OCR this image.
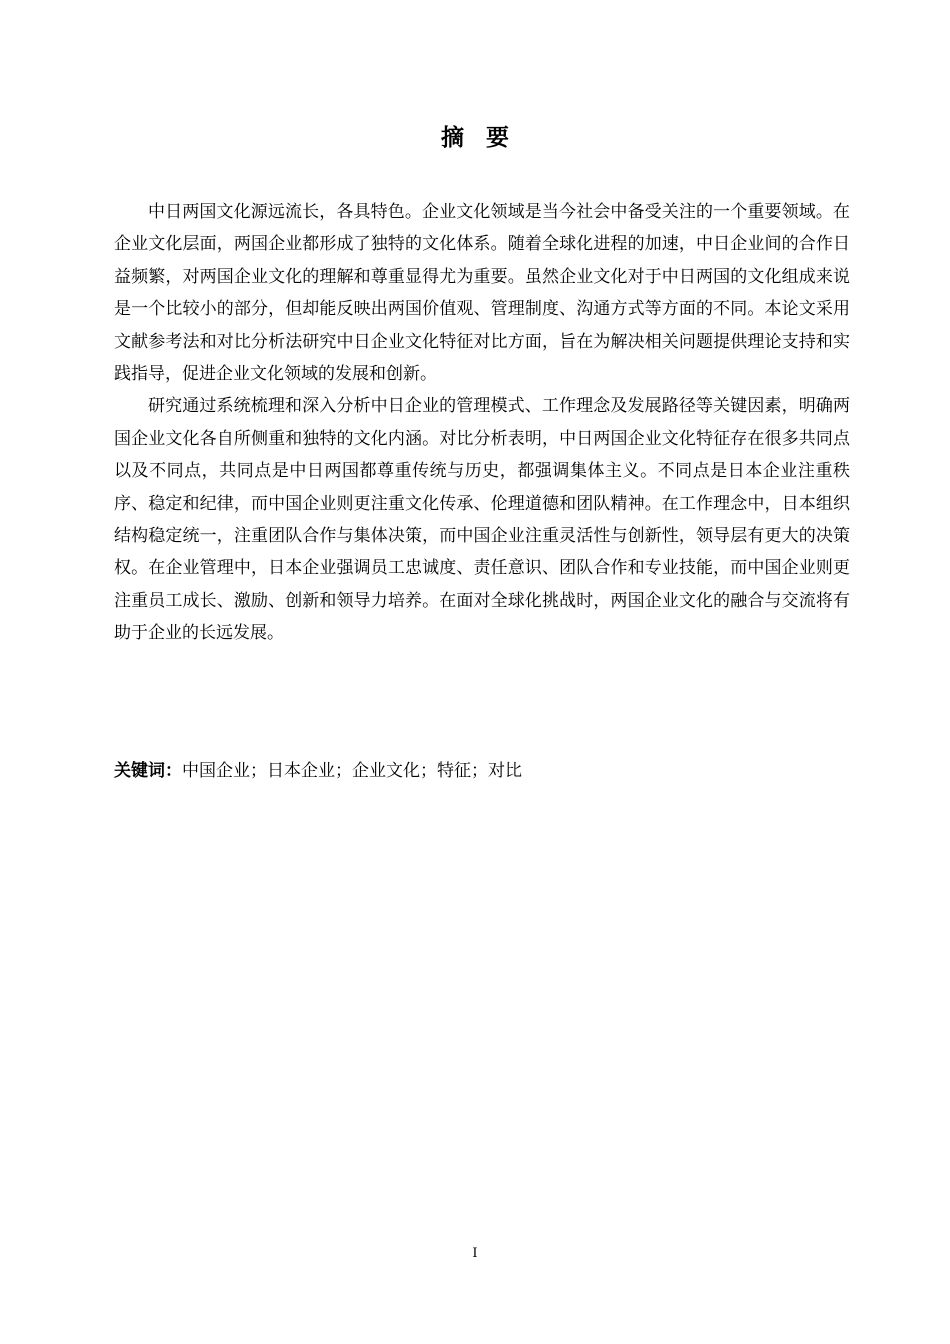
摘要

中日两国文化源远流长，各具特色。企业文化领域是当今社会中备受关注的一个重要领域。在企业文化层面，两国企业都形成了独特的文化体系。随着全球化进程的加速，中日企业间的合作日益频繁，对两国企业文化的理解和尊重显得尤为重要。虽然企业文化对于中日两国的文化组成来说是一个比较小的部分，但却能反映出两国价值观、管理制度、沟通方式等方面的不同。本论文采用文献参考法和对比分析法研究中日企业文化特征对比方面，旨在为解决相关问题提供理论支持和实践指导，促进企业文化领域的发展和创新。

研究通过系统梳理和深入分析中日企业的管理模式、工作理念及发展路径等关键因素，明确两国企业文化各自所侧重和独特的文化内涵。对比分析表明，中日两国企业文化特征存在很多共同点以及不同点，共同点是中日两国都尊重传统与历史，都强调集体主义。不同点是日本企业注重秩序、稳定和纪律，而中国企业则更注重文化传承、伦理道德和团队精神。在工作理念中，日本组织结构稳定统一，注重团队合作与集体决策，而中国企业注重灵活性与创新性，领导层有更大的决策权。在企业管理中，日本企业强调员工忠诚度、责任意识、团队合作和专业技能，而中国企业则更注重员工成长、激励、创新和领导力培养。在面对全球化挑战时，两国企业文化的融合与交流将有助于企业的长远发展。

关键词：中国企业；日本企业；企业文化；特征；对比
I
